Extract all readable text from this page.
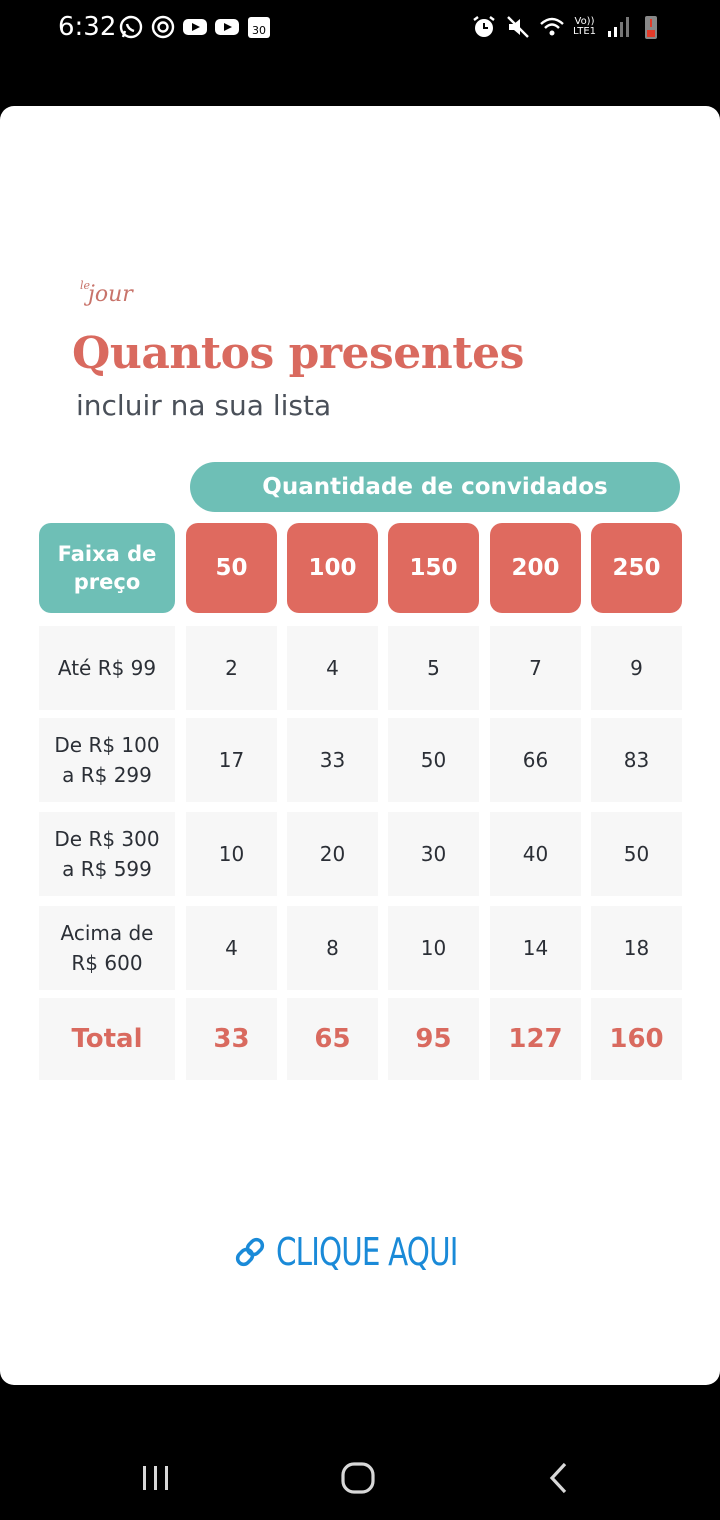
6:32	30
Vo))
LTE1
$^{le}$jour
Quantos presentes

incluir na sua lista

Quantidade de convidados
Faixa de
preço
50	100	150	200	250
Até R$ 99	2	4	5	7	9
De R$ 100
a R$ 299
17	33	50	66	83
De R$ 300
a R$ 599
10	20	30	40	50
Acima de
R$ 600
4	8	10	14	18
Total	33	65	95	127	160
CLIQUE AQUI
